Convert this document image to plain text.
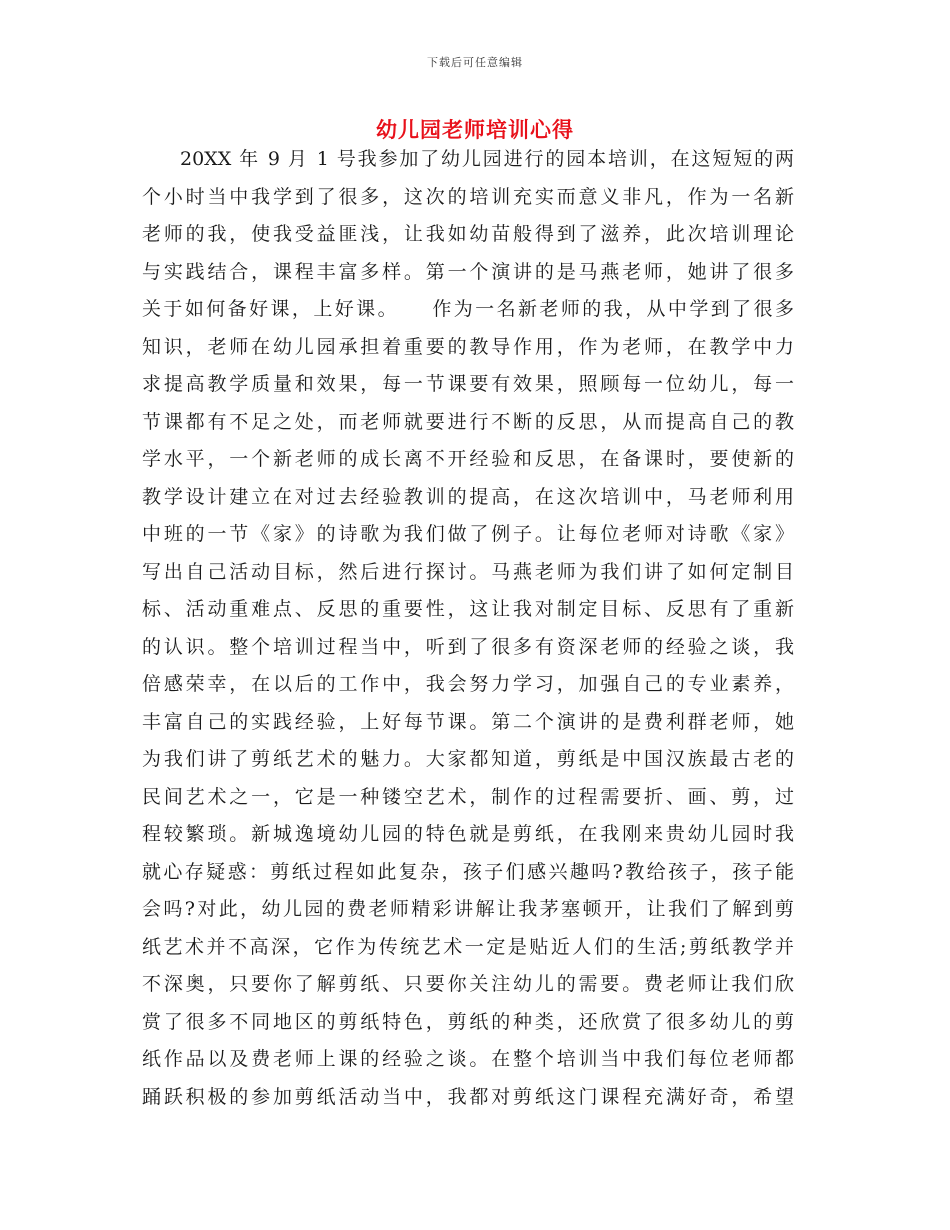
下载后可任意编辑
幼儿园老师培训心得
20XX 年 9 月 1 号我参加了幼儿园进行的园本培训，在这短短的两
个小时当中我学到了很多，这次的培训充实而意义非凡，作为一名新
老师的我，使我受益匪浅，让我如幼苗般得到了滋养，此次培训理论
与实践结合，课程丰富多样。第一个演讲的是马燕老师，她讲了很多
关于如何备好课，上好课。　　作为一名新老师的我，从中学到了很多
知识，老师在幼儿园承担着重要的教导作用，作为老师，在教学中力
求提高教学质量和效果，每一节课要有效果，照顾每一位幼儿，每一
节课都有不足之处，而老师就要进行不断的反思，从而提高自己的教
学水平，一个新老师的成长离不开经验和反思，在备课时，要使新的
教学设计建立在对过去经验教训的提高，在这次培训中，马老师利用
中班的一节《家》的诗歌为我们做了例子。让每位老师对诗歌《家》
写出自己活动目标，然后进行探讨。马燕老师为我们讲了如何定制目
标、活动重难点、反思的重要性，这让我对制定目标、反思有了重新
的认识。整个培训过程当中，听到了很多有资深老师的经验之谈，我
倍感荣幸，在以后的工作中，我会努力学习，加强自己的专业素养，
丰富自己的实践经验，上好每节课。第二个演讲的是费利群老师，她
为我们讲了剪纸艺术的魅力。大家都知道，剪纸是中国汉族最古老的
民间艺术之一，它是一种镂空艺术，制作的过程需要折、画、剪，过
程较繁琐。新城逸境幼儿园的特色就是剪纸，在我刚来贵幼儿园时我
就心存疑惑：剪纸过程如此复杂，孩子们感兴趣吗?教给孩子，孩子能
会吗?对此，幼儿园的费老师精彩讲解让我茅塞顿开，让我们了解到剪
纸艺术并不高深，它作为传统艺术一定是贴近人们的生活;剪纸教学并
不深奥，只要你了解剪纸、只要你关注幼儿的需要。费老师让我们欣
赏了很多不同地区的剪纸特色，剪纸的种类，还欣赏了很多幼儿的剪
纸作品以及费老师上课的经验之谈。在整个培训当中我们每位老师都
踊跃积极的参加剪纸活动当中，我都对剪纸这门课程充满好奇，希望
